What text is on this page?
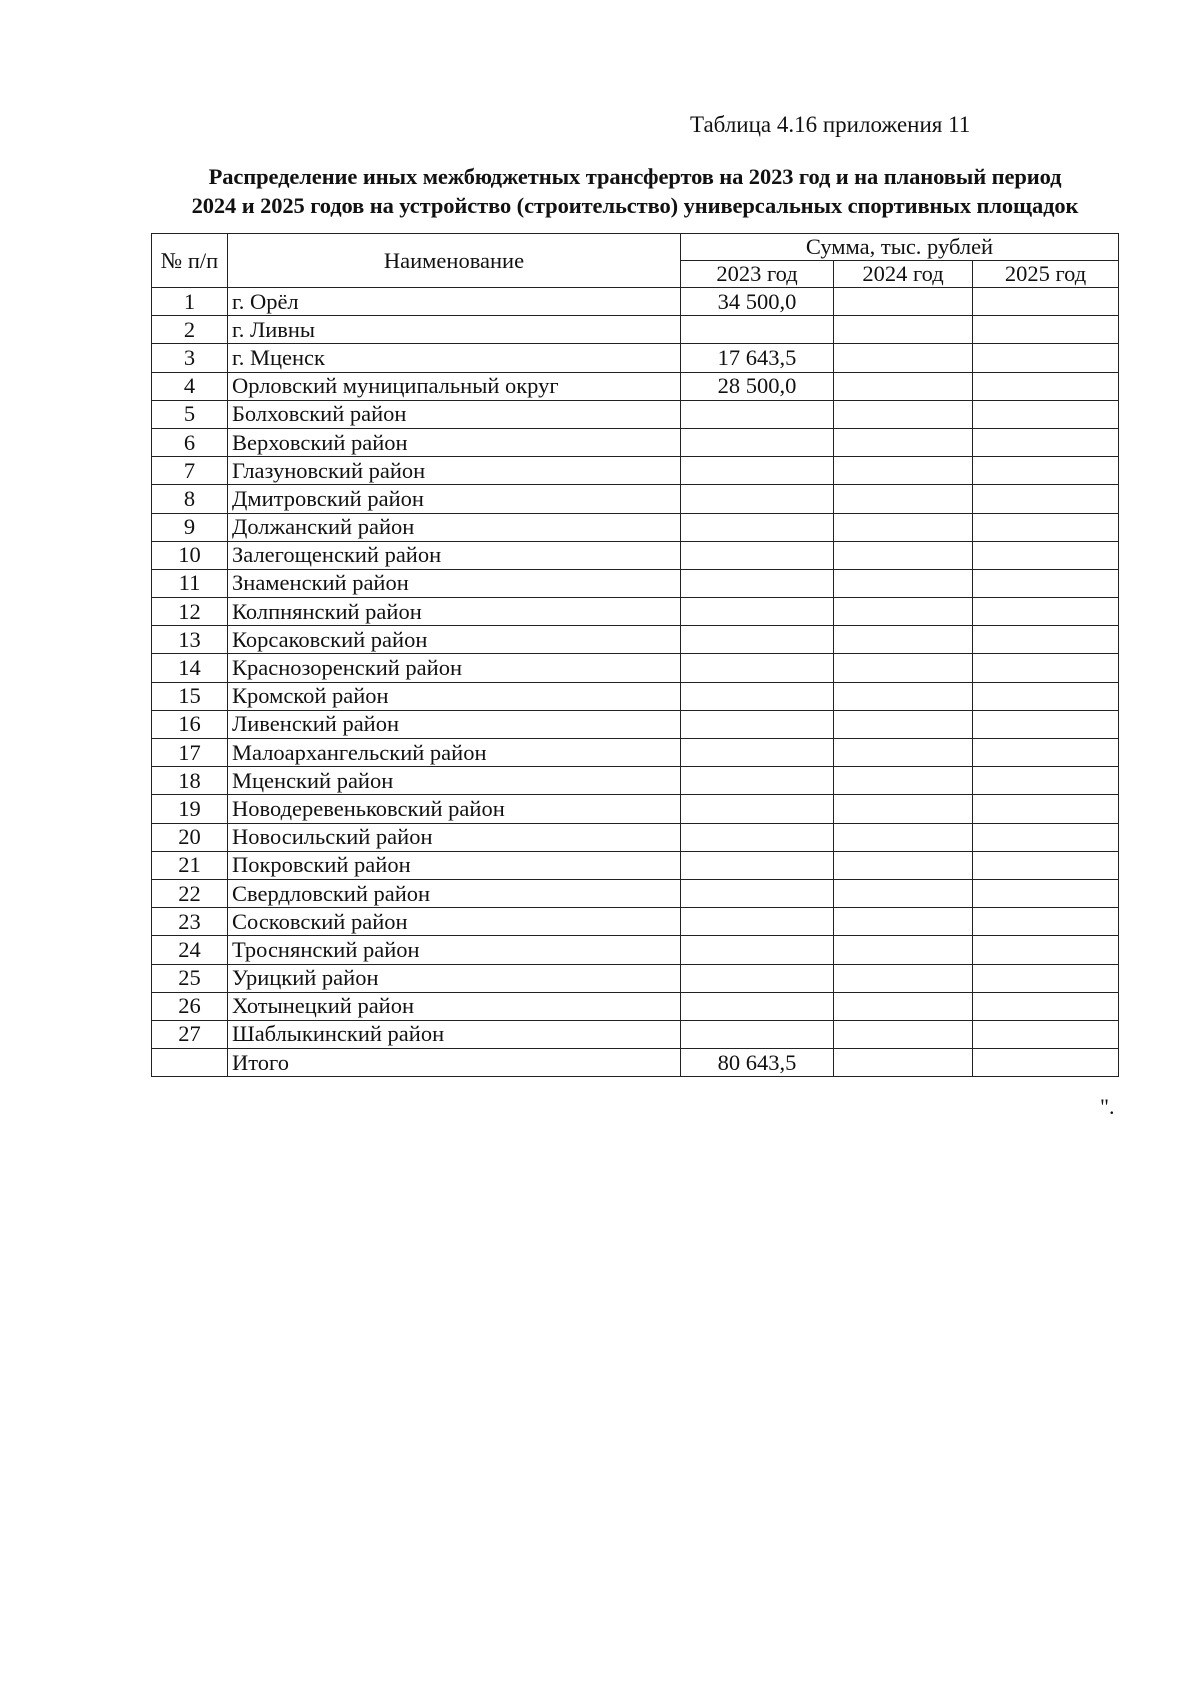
Таблица 4.16 приложения 11
Распределение иных межбюджетных трансфертов на 2023 год и на плановый период
2024 и 2025 годов на устройство (строительство) универсальных спортивных площадок
№ п/п	Наименование	Сумма, тыс. рублей		
		2023 год	2024 год	2025 год
1	г. Орёл	34 500,0		
2	г. Ливны			
3	г. Мценск	17 643,5		
4	Орловский муниципальный округ	28 500,0		
5	Болховский район			
6	Верховский район			
7	Глазуновский район			
8	Дмитровский район			
9	Должанский район			
10	Залегощенский район			
11	Знаменский район			
12	Колпнянский район			
13	Корсаковский район			
14	Краснозоренский район			
15	Кромской район			
16	Ливенский район			
17	Малоархангельский район			
18	Мценский район			
19	Новодеревеньковский район			
20	Новосильский район			
21	Покровский район			
22	Свердловский район			
23	Сосковский район			
24	Троснянский район			
25	Урицкий район			
26	Хотынецкий район			
27	Шаблыкинский район			
	Итого	80 643,5		
".
